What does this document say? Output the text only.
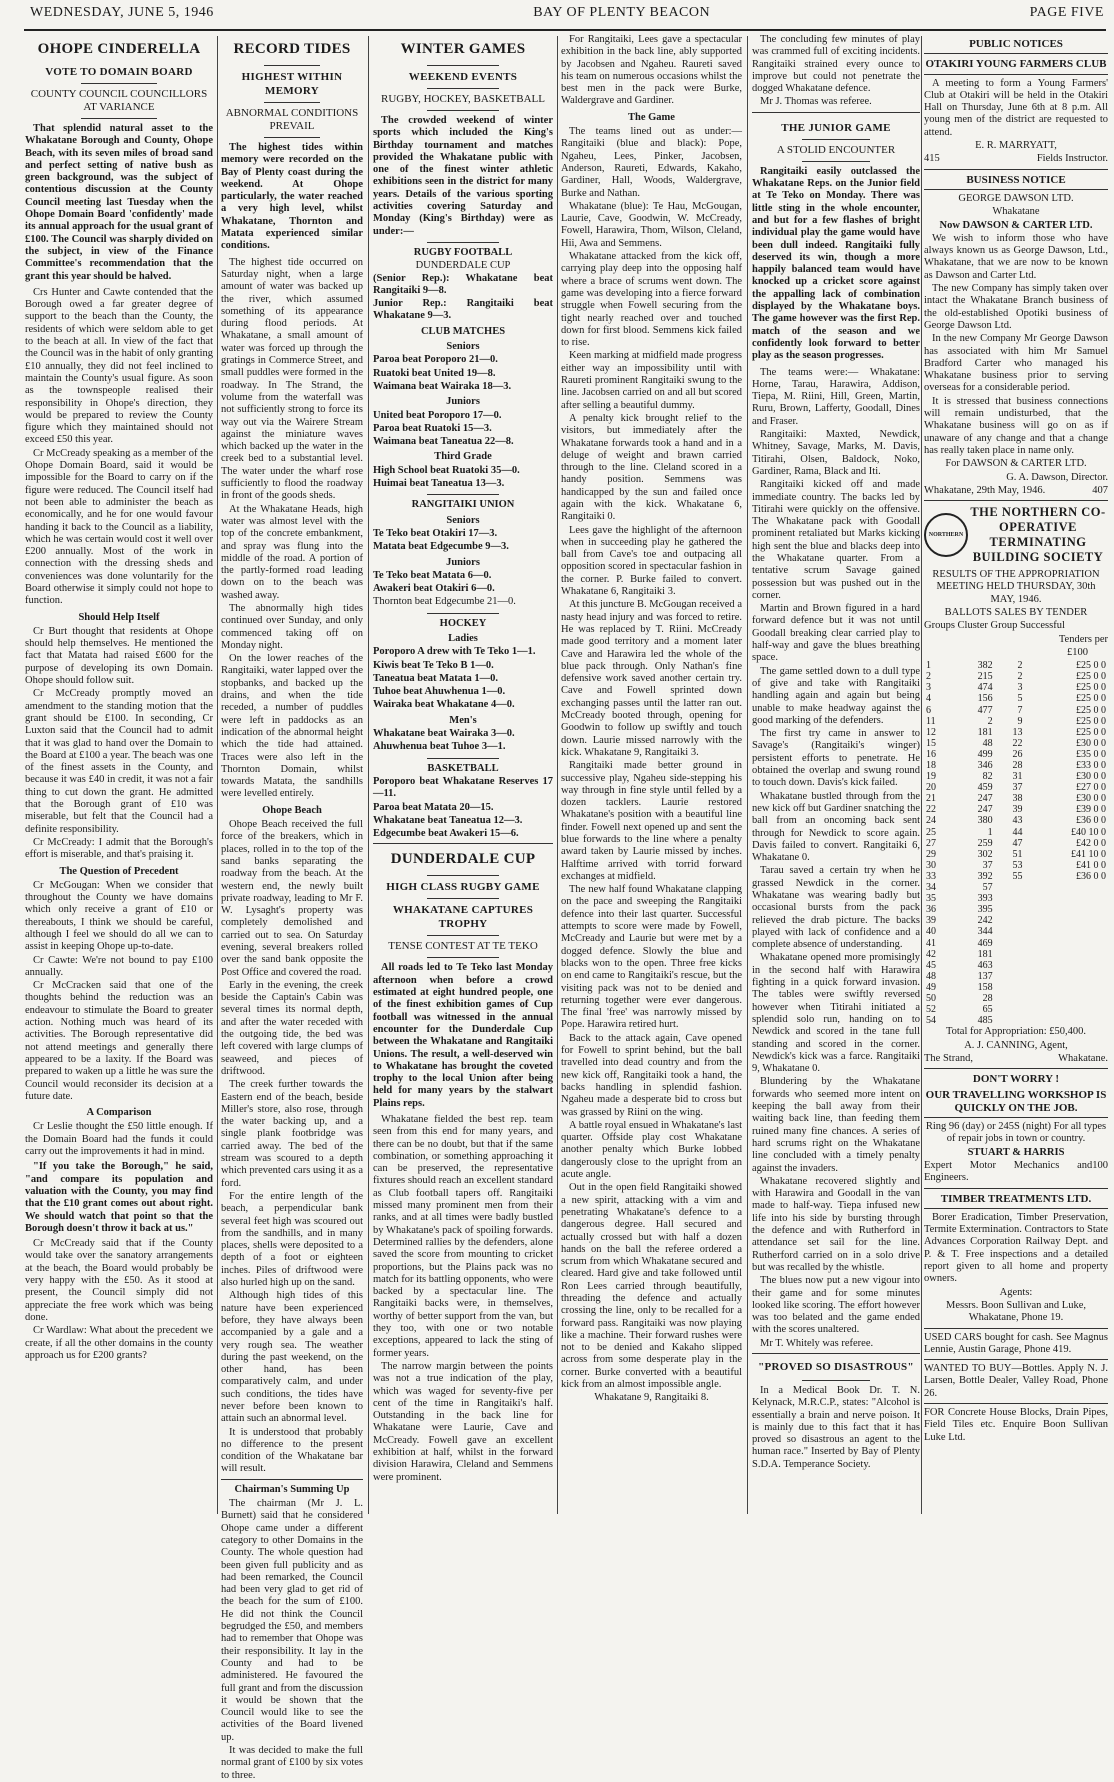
WEDNESDAY, JUNE 5, 1946	BAY OF PLENTY BEACON	PAGE FIVE
OHOPE CINDERELLA
VOTE TO DOMAIN BOARD
COUNTY COUNCIL COUNCILLORS AT VARIANCE

That splendid natural asset to the Whakatane Borough and County, Ohope Beach, with its seven miles of broad sand and perfect setting of native bush as green background, was the subject of contentious discussion at the County Council meeting last Tuesday when the Ohope Domain Board 'confidently' made its annual approach for the usual grant of £100. The Council was sharply divided on the subject, in view of the Finance Committee's recommendation that the grant this year should be halved.

Crs Hunter and Cawte contended that the Borough owed a far greater degree of support to the beach than the County, the residents of which were seldom able to get to the beach at all. In view of the fact that the Council was in the habit of only granting £10 annually, they did not feel inclined to maintain the County's usual figure. As soon as the townspeople realised their responsibility in Ohope's direction, they would be prepared to review the County figure which they maintained should not exceed £50 this year.

Cr McCready speaking as a member of the Ohope Domain Board, said it would be impossible for the Board to carry on if the figure were reduced. The Council itself had not been able to administer the beach as economically, and he for one would favour handing it back to the Council as a liability, which he was certain would cost it well over £200 annually. Most of the work in connection with the dressing sheds and conveniences was done voluntarily for the Board otherwise it simply could not hope to function.

Should Help Itself

Cr Burt thought that residents at Ohope should help themselves. He mentioned the fact that Matata had raised £600 for the purpose of developing its own Domain. Ohope should follow suit.

Cr McCready promptly moved an amendment to the standing motion that the grant should be £100. In seconding, Cr Luxton said that the Council had to admit that it was glad to hand over the Domain to the Board at £100 a year. The beach was one of the finest assets in the County, and because it was £40 in credit, it was not a fair thing to cut down the grant. He admitted that the Borough grant of £10 was miserable, but felt that the Council had a definite responsibility.

Cr McCready: I admit that the Borough's effort is miserable, and that's praising it.

The Question of Precedent

Cr McGougan: When we consider that throughout the County we have domains which only receive a grant of £10 or thereabouts, I think we should be careful, although I feel we should do all we can to assist in keeping Ohope up-to-date.

Cr Cawte: We're not bound to pay £100 annually.

Cr McCracken said that one of the thoughts behind the reduction was an endeavour to stimulate the Board to greater action. Nothing much was heard of its activities. The Borough representative did not attend meetings and generally there appeared to be a laxity. If the Board was prepared to waken up a little he was sure the Council would reconsider its decision at a future date.

A Comparison

Cr Leslie thought the £50 little enough. If the Domain Board had the funds it could carry out the improvements it had in mind.

"If you take the Borough," he said, "and compare its population and valuation with the County, you may find that the £10 grant comes out about right. We should watch that point so that the Borough doesn't throw it back at us."

Cr McCready said that if the County would take over the sanatory arrangements at the beach, the Board would probably be very happy with the £50. As it stood at present, the Council simply did not appreciate the free work which was being done.

Cr Wardlaw: What about the precedent we create, if all the other domains in the county approach us for £200 grants?

RECORD TIDES
HIGHEST WITHIN MEMORY
ABNORMAL CONDITIONS PREVAIL

The highest tides within memory were recorded on the Bay of Plenty coast during the weekend. At Ohope particularly, the water reached a very high level, whilst Whakatane, Thornton and Matata experienced similar conditions.

The highest tide occurred on Saturday night, when a large amount of water was backed up the river, which assumed something of its appearance during flood periods. At Whakatane, a small amount of water was forced up through the gratings in Commerce Street, and small puddles were formed in the roadway. In The Strand, the volume from the waterfall was not sufficiently strong to force its way out via the Wairere Stream against the miniature waves which backed up the water in the creek bed to a substantial level. The water under the wharf rose sufficiently to flood the roadway in front of the goods sheds.

At the Whakatane Heads, high water was almost level with the top of the concrete embankment, and spray was flung into the middle of the road. A portion of the partly-formed road leading down on to the beach was washed away.

The abnormally high tides continued over Sunday, and only commenced taking off on Monday night.

On the lower reaches of the Rangitaiki, water lapped over the stopbanks, and backed up the drains, and when the tide receded, a number of puddles were left in paddocks as an indication of the abnormal height which the tide had attained. Traces were also left in the Thornton Domain, whilst towards Matata, the sandhills were levelled entirely.

Ohope Beach

Ohope Beach received the full force of the breakers, which in places, rolled in to the top of the sand banks separating the roadway from the beach. At the western end, the newly built private roadway, leading to Mr F. W. Lysaght's property was completely demolished and carried out to sea. On Saturday evening, several breakers rolled over the sand bank opposite the Post Office and covered the road.

Early in the evening, the creek beside the Captain's Cabin was several times its normal depth, and after the water receded with the outgoing tide, the bed was left covered with large clumps of seaweed, and pieces of driftwood.

The creek further towards the Eastern end of the beach, beside Miller's store, also rose, through the water backing up, and a single plank footbridge was carried away. The bed of the stream was scoured to a depth which prevented cars using it as a ford.

For the entire length of the beach, a perpendicular bank several feet high was scoured out from the sandhills, and in many places, shells were deposited to a depth of a foot or eighteen inches. Piles of driftwood were also hurled high up on the sand.

Although high tides of this nature have been experienced before, they have always been accompanied by a gale and a very rough sea. The weather during the past weekend, on the other hand, has been comparatively calm, and under such conditions, the tides have never before been known to attain such an abnormal level.

It is understood that probably no difference to the present condition of the Whakatane bar will result.

Chairman's Summing Up

The chairman (Mr J. L. Burnett) said that he considered Ohope came under a different category to other Domains in the County. The whole question had been given full publicity and as had been remarked, the Council had been very glad to get rid of the beach for the sum of £100. He did not think the Council begrudged the £50, and members had to remember that Ohope was their responsibility. It lay in the County and had to be administered. He favoured the full grant and from the discussion it would be shown that the Council would like to see the activities of the Board livened up.

It was decided to make the full normal grant of £100 by six votes to three.

WINTER GAMES
WEEKEND EVENTS
RUGBY, HOCKEY, BASKETBALL

The crowded weekend of winter sports which included the King's Birthday tournament and matches provided the Whakatane public with one of the finest winter athletic exhibitions seen in the district for many years. Details of the various sporting activities covering Saturday and Monday (King's Birthday) were as under:—

RUGBY FOOTBALL
DUNDERDALE CUP

(Senior Rep.): Whakatane beat Rangitaiki 9—8.

Junior Rep.: Rangitaiki beat Whakatane 9—3.

CLUB MATCHES
Seniors

Paroa beat Poroporo 21—0.

Ruatoki beat United 19—8.

Waimana beat Wairaka 18—3.

Juniors

United beat Poroporo 17—0.

Paroa beat Ruatoki 15—3.

Waimana beat Taneatua 22—8.

Third Grade

High School beat Ruatoki 35—0.

Huimai beat Taneatua 13—3.

RANGITAIKI UNION
Seniors

Te Teko beat Otakiri 17—3.

Matata beat Edgecumbe 9—3.

Juniors

Te Teko beat Matata 6—0.

Awakeri beat Otakiri 6—0.

Thornton beat Edgecumbe 21—0.

HOCKEY
Ladies

Poroporo A drew with Te Teko 1—1.

Kiwis beat Te Teko B 1—0.

Taneatua beat Matata 1—0.

Tuhoe beat Ahuwhenua 1—0.

Wairaka beat Whakatane 4—0.

Men's

Whakatane beat Wairaka 3—0.

Ahuwhenua beat Tuhoe 3—1.

BASKETBALL

Poroporo beat Whakatane Reserves 17—11.

Paroa beat Matata 20—15.

Whakatane beat Taneatua 12—3.

Edgecumbe beat Awakeri 15—6.

DUNDERDALE CUP
HIGH CLASS RUGBY GAME
WHAKATANE CAPTURES TROPHY
TENSE CONTEST AT TE TEKO

All roads led to Te Teko last Monday afternoon when before a crowd estimated at eight hundred people, one of the finest exhibition games of Cup football was witnessed in the annual encounter for the Dunderdale Cup between the Whakatane and Rangitaiki Unions. The result, a well-deserved win to Whakatane has brought the coveted trophy to the local Union after being held for many years by the stalwart Plains reps.

Whakatane fielded the best rep. team seen from this end for many years, and there can be no doubt, but that if the same combination, or something approaching it can be preserved, the representative fixtures should reach an excellent standard as Club football tapers off. Rangitaiki missed many prominent men from their ranks, and at all times were badly bustled by Whakatane's pack of spoiling forwards. Determined rallies by the defenders, alone saved the score from mounting to cricket proportions, but the Plains pack was no match for its battling opponents, who were backed by a spectacular line. The Rangitaiki backs were, in themselves, worthy of better support from the van, but they too, with one or two notable exceptions, appeared to lack the sting of former years.

The narrow margin between the points was not a true indication of the play, which was waged for seventy-five per cent of the time in Rangitaiki's half. Outstanding in the back line for Whakatane were Laurie, Cave and McCready. Fowell gave an excellent exhibition at half, whilst in the forward division Harawira, Cleland and Semmens were prominent.

For Rangitaiki, Lees gave a spectacular exhibition in the back line, ably supported by Jacobsen and Ngaheu. Raureti saved his team on numerous occasions whilst the best men in the pack were Burke, Waldergrave and Gardiner.

The Game

The teams lined out as under:— Rangitaiki (blue and black): Pope, Ngaheu, Lees, Pinker, Jacobsen, Anderson, Raureti, Edwards, Kakaho, Gardiner, Hall, Woods, Waldergrave, Burke and Nathan.

Whakatane (blue): Te Hau, McGougan, Laurie, Cave, Goodwin, W. McCready, Fowell, Harawira, Thom, Wilson, Cleland, Hii, Awa and Semmens.

Whakatane attacked from the kick off, carrying play deep into the opposing half where a brace of scrums went down. The game was developing into a fierce forward struggle when Fowell securing from the tight nearly reached over and touched down for first blood. Semmens kick failed to rise.

Keen marking at midfield made progress either way an impossibility until with Raureti prominent Rangitaiki swung to the line. Jacobsen carried on and all but scored after selling a beautiful dummy.

A penalty kick brought relief to the visitors, but immediately after the Whakatane forwards took a hand and in a deluge of weight and brawn carried through to the line. Cleland scored in a handy position. Semmens was handicapped by the sun and failed once again with the kick. Whakatane 6, Rangitaiki 0.

Lees gave the highlight of the afternoon when in succeeding play he gathered the ball from Cave's toe and outpacing all opposition scored in spectacular fashion in the corner. P. Burke failed to convert. Whakatane 6, Rangitaiki 3.

At this juncture B. McGougan received a nasty head injury and was forced to retire. He was replaced by T. Riini. McCready made good territory and a moment later Cave and Harawira led the whole of the blue pack through. Only Nathan's fine defensive work saved another certain try. Cave and Fowell sprinted down exchanging passes until the latter ran out. McCready booted through, opening for Goodwin to follow up swiftly and touch down. Laurie missed narrowly with the kick. Whakatane 9, Rangitaiki 3.

Rangitaiki made better ground in successive play, Ngaheu side-stepping his way through in fine style until felled by a dozen tacklers. Laurie restored Whakatane's position with a beautiful line finder. Fowell next opened up and sent the blue forwards to the line where a penalty award taken by Laurie missed by inches. Halftime arrived with torrid forward exchanges at midfield.

The new half found Whakatane clapping on the pace and sweeping the Rangitaiki defence into their last quarter. Successful attempts to score were made by Fowell, McCready and Laurie but were met by a dogged defence. Slowly the blue and blacks won to the open. Three free kicks on end came to Rangitaiki's rescue, but the visiting pack was not to be denied and returning together were ever dangerous. The final 'free' was narrowly missed by Pope. Harawira retired hurt.

Back to the attack again, Cave opened for Fowell to sprint behind, but the ball travelled into dead country and from the new kick off, Rangitaiki took a hand, the backs handling in splendid fashion. Ngaheu made a desperate bid to cross but was grassed by Riini on the wing.

A battle royal ensued in Whakatane's last quarter. Offside play cost Whakatane another penalty which Burke lobbed dangerously close to the upright from an acute angle.

Out in the open field Rangitaiki showed a new spirit, attacking with a vim and penetrating Whakatane's defence to a dangerous degree. Hall secured and actually crossed but with half a dozen hands on the ball the referee ordered a scrum from which Whakatane secured and cleared. Hard give and take followed until Ron Lees carried through beautifully, threading the defence and actually crossing the line, only to be recalled for a forward pass. Rangitaiki was now playing like a machine. Their forward rushes were not to be denied and Kakaho slipped across from some desperate play in the corner. Burke converted with a beautiful kick from an almost impossible angle.

Whakatane 9, Rangitaiki 8.

The concluding few minutes of play was crammed full of exciting incidents. Rangitaiki strained every ounce to improve but could not penetrate the dogged Whakatane defence.

Mr J. Thomas was referee.

THE JUNIOR GAME
A STOLID ENCOUNTER

Rangitaiki easily outclassed the Whakatane Reps. on the Junior field at Te Teko on Monday. There was little sting in the whole encounter, and but for a few flashes of bright individual play the game would have been dull indeed. Rangitaiki fully deserved its win, though a more happily balanced team would have knocked up a cricket score against the appalling lack of combination displayed by the Whakatane boys. The game however was the first Rep. match of the season and we confidently look forward to better play as the season progresses.

The teams were:— Whakatane: Horne, Tarau, Harawira, Addison, Tiepa, M. Riini, Hill, Green, Martin, Ruru, Brown, Lafferty, Goodall, Dines and Fraser.

Rangitaiki: Maxted, Newdick, Whitney, Savage, Marks, M. Davis, Titirahi, Olsen, Baldock, Noko, Gardiner, Rama, Black and Iti.

Rangitaiki kicked off and made immediate country. The backs led by Titirahi were quickly on the offensive. The Whakatane pack with Goodall prominent retaliated but Marks kicking high sent the blue and blacks deep into the Whakatane quarter. From a tentative scrum Savage gained possession but was pushed out in the corner.

Martin and Brown figured in a hard forward defence but it was not until Goodall breaking clear carried play to half-way and gave the blues breathing space.

The game settled down to a dull type of give and take with Rangitaiki handling again and again but being unable to make headway against the good marking of the defenders.

The first try came in answer to Savage's (Rangitaiki's winger) persistent efforts to penetrate. He obtained the overlap and swung round to touch down. Davis's kick failed.

Whakatane bustled through from the new kick off but Gardiner snatching the ball from an oncoming back sent through for Newdick to score again. Davis failed to convert. Rangitaiki 6, Whakatane 0.

Tarau saved a certain try when he grassed Newdick in the corner. Whakatane was wearing badly but occasional bursts from the pack relieved the drab picture. The backs played with lack of confidence and a complete absence of understanding.

Whakatane opened more promisingly in the second half with Harawira fighting in a quick forward invasion. The tables were swiftly reversed however when Titirahi initiated a splendid solo run, handing on to Newdick and scored in the tane full standing and scored in the corner. Newdick's kick was a farce. Rangitaiki 9, Whakatane 0.

Blundering by the Whakatane forwards who seemed more intent on keeping the ball away from their waiting back line, than feeding them ruined many fine chances. A series of hard scrums right on the Whakatane line concluded with a timely penalty against the invaders.

Whakatane recovered slightly and with Harawira and Goodall in the van made to half-way. Tiepa infused new life into his side by bursting through the defence and with Rutherford in attendance set sail for the line. Rutherford carried on in a solo drive but was recalled by the whistle.

The blues now put a new vigour into their game and for some minutes looked like scoring. The effort however was too belated and the game ended with the scores unaltered.

Mr T. Whitely was referee.

"PROVED SO DISASTROUS"

In a Medical Book Dr. T. N. Kelynack, M.R.C.P., states: "Alcohol is essentially a brain and nerve poison. It is mainly due to this fact that it has proved so disastrous an agent to the human race." Inserted by Bay of Plenty S.D.A. Temperance Society.

PUBLIC NOTICES
OTAKIRI YOUNG FARMERS CLUB

A meeting to form a Young Farmers' Club at Otakiri will be held in the Otakiri Hall on Thursday, June 6th at 8 p.m. All young men of the district are requested to attend.

E. R. MARRYATT,

415	Fields Instructor.
BUSINESS NOTICE

GEORGE DAWSON LTD.

Whakatane

Now DAWSON & CARTER LTD.

We wish to inform those who have always known us as George Dawson, Ltd., Whakatane, that we are now to be known as Dawson and Carter Ltd.

The new Company has simply taken over intact the Whakatane Branch business of the old-established Opotiki business of George Dawson Ltd.

In the new Company Mr George Dawson has associated with him Mr Samuel Bradford Carter who managed his Whakatane business prior to serving overseas for a considerable period.

It is stressed that business connections will remain undisturbed, that the Whakatane business will go on as if unaware of any change and that a change has really taken place in name only.

For DAWSON & CARTER LTD.

G. A. Dawson, Director.

Whakatane, 29th May, 1946.	407
NORTHERN
THE NORTHERN CO-OPERATIVE TERMINATING BUILDING SOCIETY

RESULTS OF THE APPROPRIATION MEETING HELD THURSDAY, 30th MAY, 1946.

BALLOTS SALES BY TENDER

Groups Cluster Group Successful

Tenders per

£100

1	382	2	£25 0 0
2	215	2	£25 0 0
3	474	3	£25 0 0
4	156	5	£25 0 0
6	477	7	£25 0 0
11	2	9	£25 0 0
12	181	13	£25 0 0
15	48	22	£30 0 0
16	499	26	£35 0 0
18	346	28	£33 0 0
19	82	31	£30 0 0
20	459	37	£27 0 0
21	247	38	£30 0 0
22	247	39	£39 0 0
24	380	43	£36 0 0
25	1	44	£40 10 0
27	259	47	£42 0 0
29	302	51	£41 10 0
30	37	53	£41 0 0
33	392	55	£36 0 0
34	57		
35	393		
36	395		
39	242		
40	344		
41	469		
42	181		
45	463		
48	137		
49	158		
50	28		
52	65		
54	485		

Total for Appropriation: £50,400.

A. J. CANNING, Agent,

The Strand,	Whakatane.
DON'T WORRY !
OUR TRAVELLING WORKSHOP IS QUICKLY ON THE JOB.

Ring 96 (day) or 245S (night) For all types of repair jobs in town or country.

STUART & HARRIS

Expert Motor Mechanics and Engineers.
100
TIMBER TREATMENTS LTD.

Borer Eradication, Timber Preservation, Termite Extermination. Contractors to State Advances Corporation Railway Dept. and P. & T. Free inspections and a detailed report given to all home and property owners.

Agents:

Messrs. Boon Sullivan and Luke, Whakatane, Phone 19.

USED CARS bought for cash. See Magnus Lennie, Austin Garage, Phone 419.

WANTED TO BUY—Bottles. Apply N. J. Larsen, Bottle Dealer, Valley Road, Phone 26.

FOR Concrete House Blocks, Drain Pipes, Field Tiles etc. Enquire Boon Sullivan Luke Ltd.
